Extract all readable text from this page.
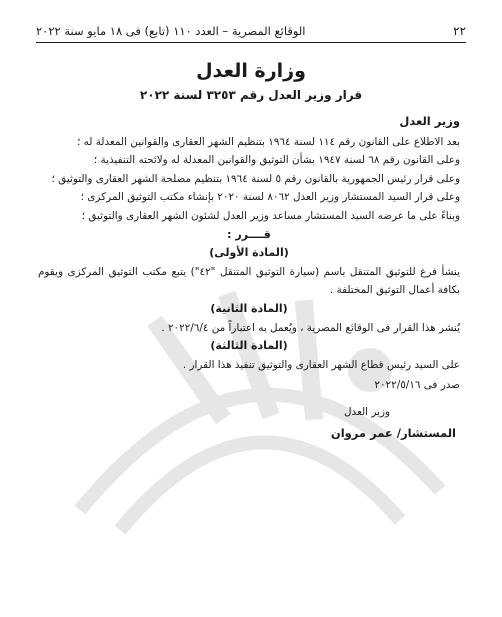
٢٢
الوقائع المصرية – العدد ١١٠ (تابع) فى ١٨ مايو سنة ٢٠٢٢
وزارة العدل
قرار وزير العدل رقم ٣٢٥٣ لسنة ٢٠٢٢
وزير العدل

بعد الاطلاع على القانون رقم ١١٤ لسنة ١٩٦٤ بتنظيم الشهر العقارى والقوانين المعدلة له ؛

وعلى القانون رقم ٦٨ لسنة ١٩٤٧ بشأن التوثيق والقوانين المعدلة له ولائحته التنفيذية ؛

وعلى قرار رئيس الجمهورية بالقانون رقم ٥ لسنة ١٩٦٤ بتنظيم مصلحة الشهر العقارى والتوثيق ؛

وعلى قرار السيد المستشار وزير العدل ٨٠٦٢ لسنة ٢٠٢٠ بإنشاء مكتب التوثيق المركزى ؛

وبناءً على ما عرضه السيد المستشار مساعد وزير العدل لشئون الشهر العقارى والتوثيق ؛

قــــرر :
(المادة الأولى)

ينشأ فرع للتوثيق المتنقل باسم (سيارة التوثيق المتنقل "٤٢") يتبع مكتب التوثيق المركزى ويقوم بكافة أعمال التوثيق المختلفة .

(المادة الثانية)

يُنشر هذا القرار فى الوقائع المصرية ، ويُعمل به اعتباراً من ٢٠٢٢/٦/٤ .

(المادة الثالثة)

على السيد رئيس قطاع الشهر العقارى والتوثيق تنفيذ هذا القرار .

صدر فى ٢٠٢٢/٥/١٦
وزير العدل
المستشار/ عمر مروان
